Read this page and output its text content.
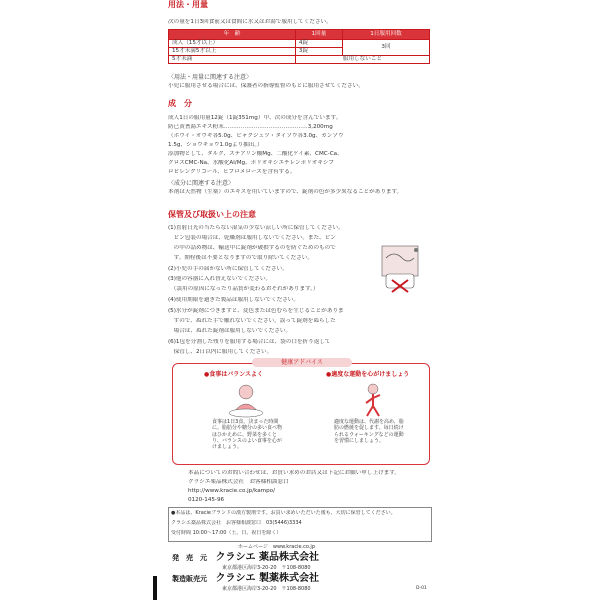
用法・用量
次の量を1日3回食前又は食間に水又はお湯で服用してください。
年　齢	1回量	1日服用回数
成人（15才以上）	4錠	3回
15才未満5才以上	3錠	
5才未満	服用しないこと	
〈用法・用量に関連する注意〉
小児に服用させる場合には、保護者の指導監督のもとに服用させてください。
成　分
成人1日の服用量12錠（1錠351mg）中、次の成分を含んでいます。
防已黄耆湯エキス粉末………………………………………3,200mg
（ボウイ・オウギ各5.0g、ビャクジュツ・タイソウ各3.0g、カンゾウ
1.5g、ショウキョウ1.0gより抽出。）
添加物として、タルク、ステアリン酸Mg、二酸化ケイ素、CMC-Ca、
クロスCMC-Na、水酸化Al/Mg、ポリオキシエチレンポリオキシプ
ロピレングリコール、ヒプロメロースを含有する。
〈成分に関連する注意〉
本剤は天然物（生薬）のエキスを用いていますので、錠剤の色が多少異なることがあります。
保管及び取扱い上の注意
(1)直射日光の当たらない湿気の少ない涼しい所に保管してください。
　ビン包装の場合は、乾燥剤は服用しないでください。また、ビン
　の中の詰め物は、輸送中に錠剤が破損するのを防ぐためのもので
　す。開栓後は不要となりますので取り除いてください。
(2)小児の手の届かない所に保管してください。
(3)他の容器に入れ替えないでください。
　（誤用の原因になったり品質が変わるおそれがあります。）
(4)使用期限を過ぎた製品は服用しないでください。
(5)水分が錠剤につきますと、変色または色むらを生じることがありま
　すので、ぬれた手で触れないでください。誤って錠剤をぬらした
　場合は、ぬれた錠剤は服用しないでください。
(6)1包を分割した残りを服用する場合には、袋の口を折り返して
　保管し、2日以内に服用してください。
健康アドバイス
●食事はバランスよく	●適度な運動を心がけましょう
食事は1日3食、決まった時間に。脂肪分や糖分の多い食べ物はひかえめに、野菜を多くとり、バランスのよい食事を心がけましょう。
適度な運動は、代謝を高め、脂肪の燃焼を促します。毎日続けられるウォーキングなどの運動を習慣にしましょう。
本品についてのお問い合わせは、お買い求めのお店又は下記にお願い申し上げます。
クラシエ薬品株式会社　お客様相談窓口
http://www.kracie.co.jp/kampo/
0120-145-96
●本品は、Kracieブランドの漢方製剤です。お買い求めいただいた後も、大切に保管してください。
クラシエ薬品株式会社　お客様相談窓口　03(5446)3334
受付時間 10:00〜17:00（土、日、祝日を除く）
ホームページ　www.kracie.co.jp
発　売　元 クラシエ 薬品株式会社
東京都港区海岸3-20-20　〒108-8080
製造販売元 クラシエ 製薬株式会社
東京都港区海岸3-20-20　〒108-8080	D-01
